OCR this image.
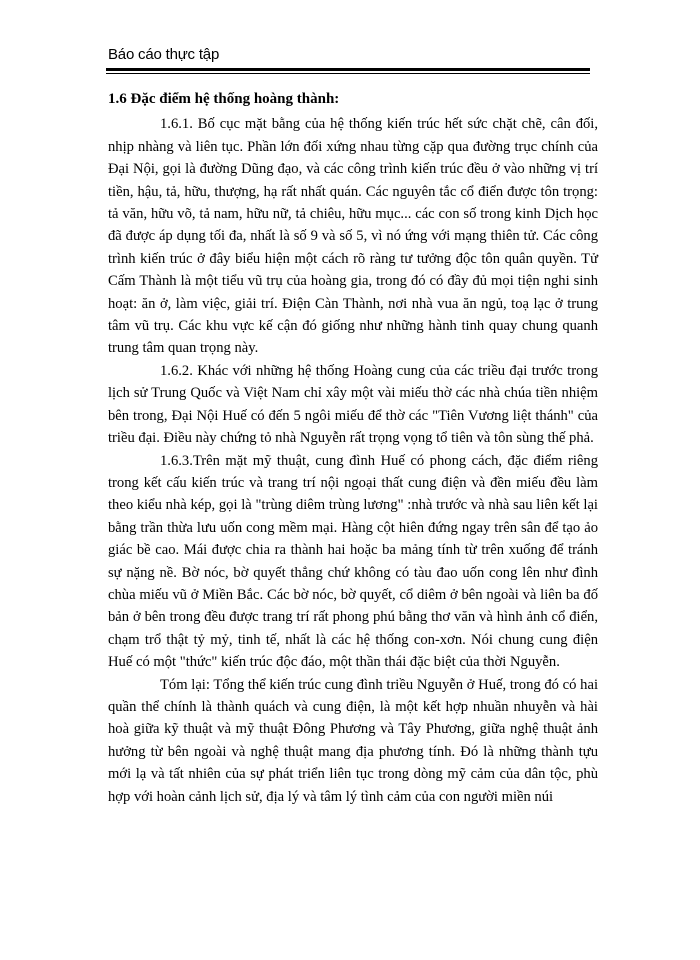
Báo cáo thực tập
1.6 Đặc điểm hệ thống hoàng thành:

1.6.1. Bố cục mặt bằng của hệ thống kiến trúc hết sức chặt chẽ, cân đối, nhịp nhàng và liên tục. Phần lớn đối xứng nhau từng cặp qua đường trục chính của Đại Nội, gọi là đường Dũng đạo, và các công trình kiến trúc đều ở vào những vị trí tiền, hậu, tả, hữu, thượng, hạ rất nhất quán. Các nguyên tắc cổ điển được tôn trọng: tả văn, hữu võ, tả nam, hữu nữ, tả chiêu, hữu mục... các con số trong kinh Dịch học đã được áp dụng tối đa, nhất là số 9 và số 5, vì nó ứng với mạng thiên tử. Các công trình kiến trúc ở đây biểu hiện một cách rõ ràng tư tưởng độc tôn quân quyền. Tử Cấm Thành là một tiểu vũ trụ của hoàng gia, trong đó có đầy đủ mọi tiện nghi sinh hoạt: ăn ở, làm việc, giải trí. Điện Càn Thành, nơi nhà vua ăn ngủ, toạ lạc ở trung tâm vũ trụ. Các khu vực kế cận đó giống như những hành tinh quay chung quanh trung tâm quan trọng này.

1.6.2. Khác với những hệ thống Hoàng cung của các triều đại trước trong lịch sử Trung Quốc và Việt Nam chỉ xây một vài miếu thờ các nhà chúa tiền nhiệm bên trong, Đại Nội Huế có đến 5 ngôi miếu để thờ các "Tiên Vương liệt thánh" của triều đại. Điều này chứng tỏ nhà Nguyễn rất trọng vọng tổ tiên và tôn sùng thế phả.

1.6.3.Trên mặt mỹ thuật, cung đình Huế có phong cách, đặc điểm riêng trong kết cấu kiến trúc và trang trí nội ngoại thất cung điện và đền miếu đều làm theo kiểu nhà kép, gọi là "trùng diêm trùng lương" :nhà trước và nhà sau liên kết lại bằng trần thừa lưu uốn cong mềm mại. Hàng cột hiên đứng ngay trên sân để tạo ảo giác bề cao. Mái được chia ra thành hai hoặc ba mảng tính từ trên xuống để tránh sự nặng nề. Bờ nóc, bờ quyết thẳng chứ không có tàu đao uốn cong lên như đình chùa miếu vũ ở Miền Bắc. Các bờ nóc, bờ quyết, cổ diêm ở bên ngoài và liên ba đố bản ở bên trong đều được trang trí rất phong phú bằng thơ văn và hình ảnh cổ điển, chạm trổ thật tỷ mỷ, tinh tế, nhất là các hệ thống con-xơn. Nói chung cung điện Huế có một "thức" kiến trúc độc đáo, một thần thái đặc biệt của thời Nguyễn.

Tóm lại: Tổng thể kiến trúc cung đình triều Nguyễn ở Huế, trong đó có hai quần thể chính là thành quách và cung điện, là một kết hợp nhuần nhuyễn và hài hoà giữa kỹ thuật và mỹ thuật Đông Phương và Tây Phương, giữa nghệ thuật ảnh hưởng từ bên ngoài và nghệ thuật mang địa phương tính. Đó là những thành tựu mới lạ và tất nhiên của sự phát triển liên tục trong dòng mỹ cảm của dân tộc, phù hợp với hoàn cảnh lịch sử, địa lý và tâm lý tình cảm của con người miền núi
